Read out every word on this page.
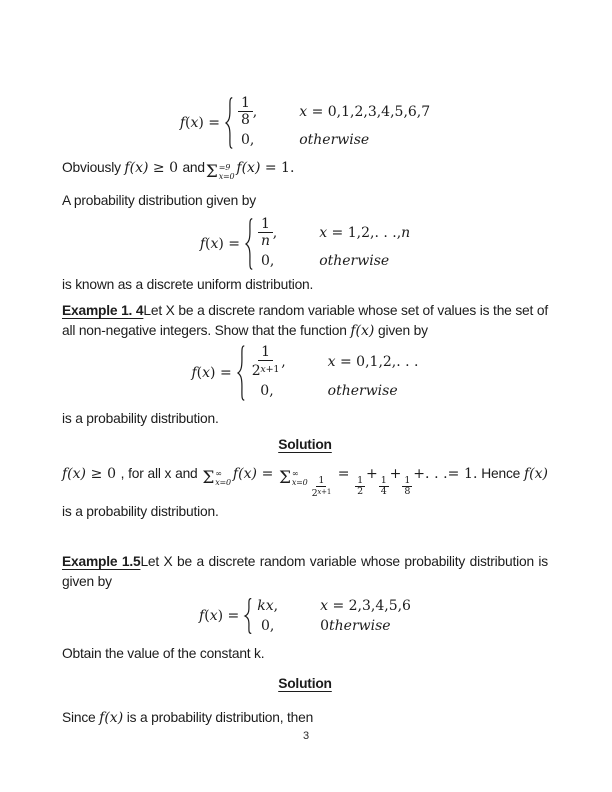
$f(x) = \frac{1}{8}$ ,	x = 0,1,2,3,4,5,6,7
0,	otherwise

Obviously f(x) ≥ 0 and Σ =9
x=0 f(x) = 1.

A probability distribution given by

$f(x) = \frac{1}{n}$ ,	x = 1,2,. . .,n
0,	otherwise

is known as a discrete uniform distribution.

Example 1. 4Let X be a discrete random variable whose set of values is the set of all non-negative integers. Show that the function f(x) given by

$f(x) = \frac{1}{2^{x+1}}$ ,	x = 0,1,2,. . .
0,	otherwise

is a probability distribution.

Solution

f(x) ≥ 0 , for all x and Σ ∞
x=0 f(x) = Σ ∞
$x=0 \frac{1}{2^{x+1}}$
=
$\frac{1}{2}$
+
$\frac{1}{4}$
+
$\frac{1}{8}$
+. . .= 1. Hence f(x) is a probability distribution.

Example 1.5Let X be a discrete random variable whose probability distribution is given by

f(x) =
kx ,	x = 2,3,4,5,6
0,	0therwise

Obtain the value of the constant k.

Solution

Since f(x) is a probability distribution, then

3
